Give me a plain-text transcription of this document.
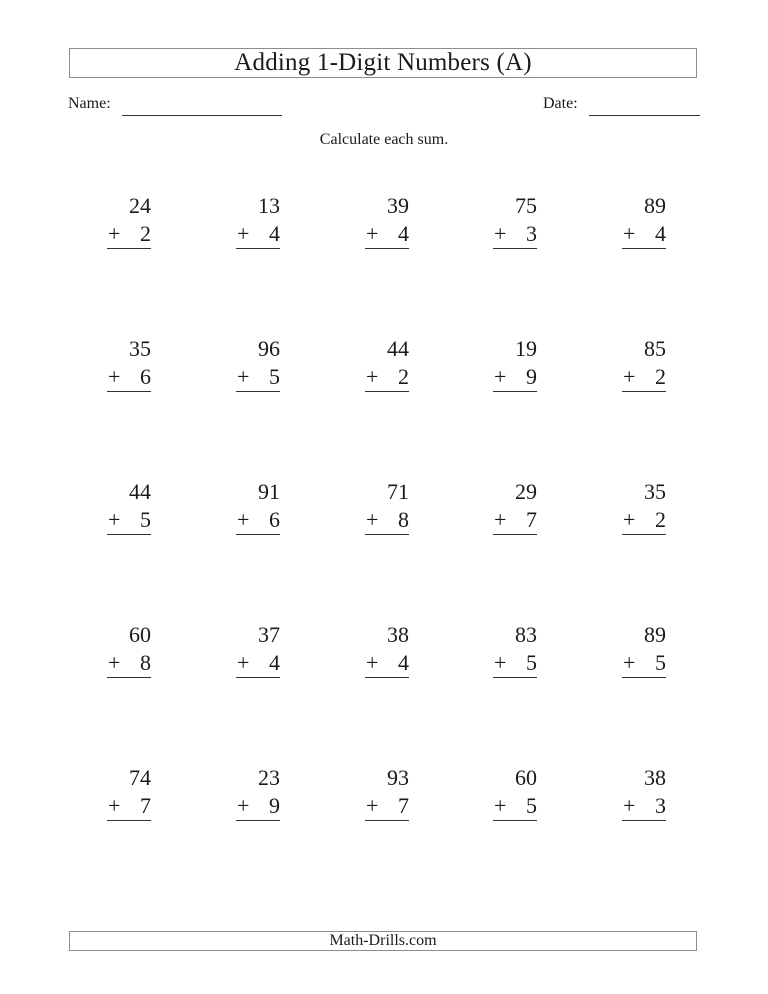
Adding 1-Digit Numbers (A)
Name:	Date:
Calculate each sum.
24
+ 2
13
+ 4
39
+ 4
75
+ 3
89
+ 4
35
+ 6
96
+ 5
44
+ 2
19
+ 9
85
+ 2
44
+ 5
91
+ 6
71
+ 8
29
+ 7
35
+ 2
60
+ 8
37
+ 4
38
+ 4
83
+ 5
89
+ 5
74
+ 7
23
+ 9
93
+ 7
60
+ 5
38
+ 3
Math-Drills.com
